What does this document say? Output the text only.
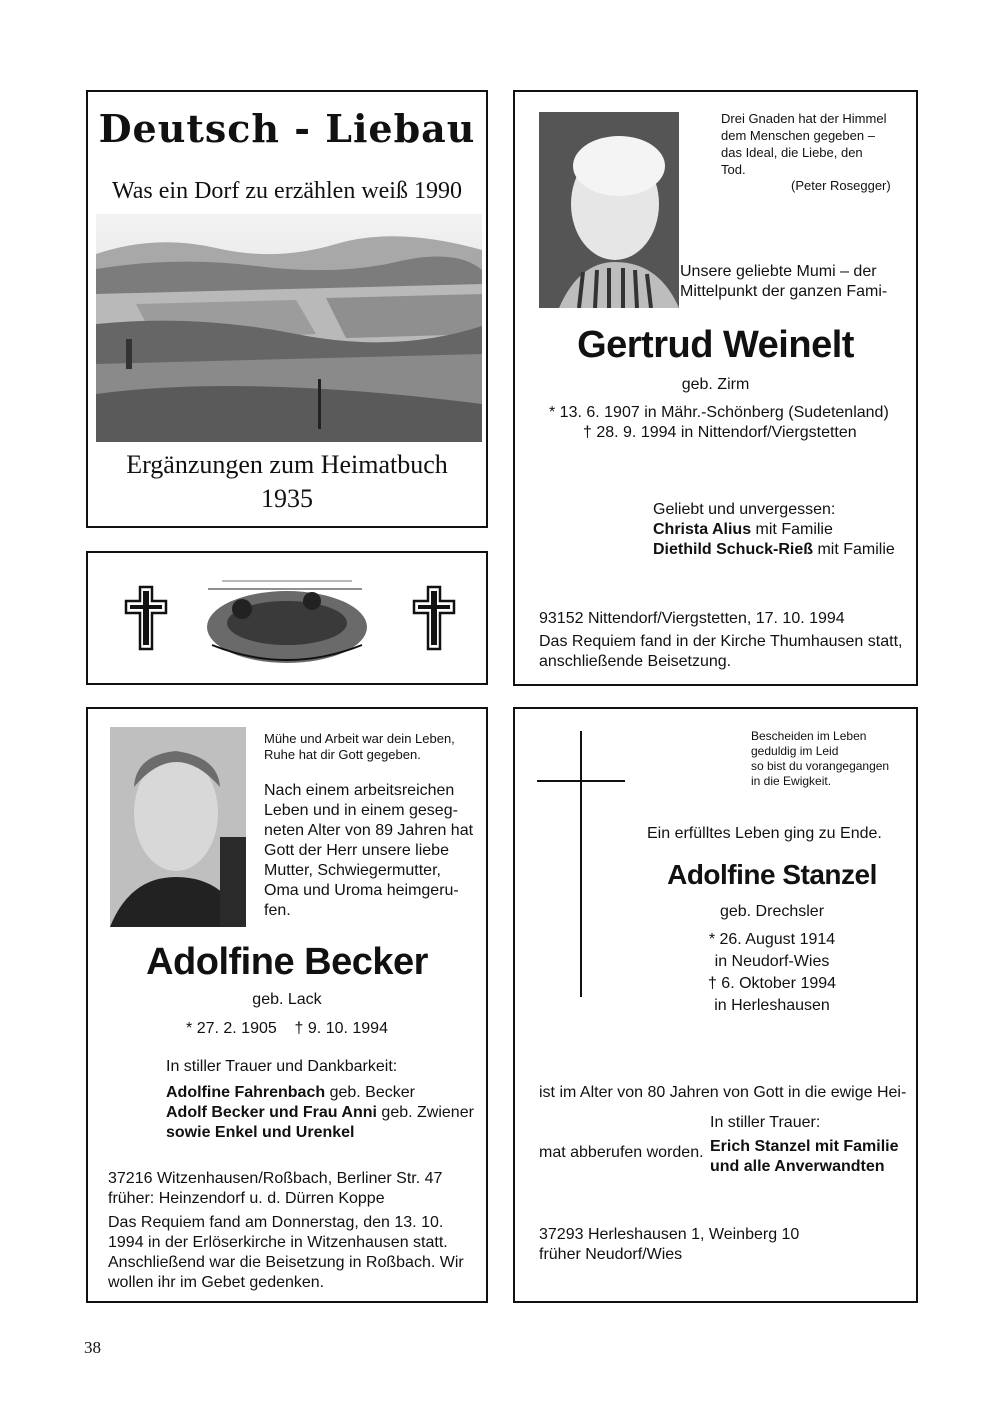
Deutsch - Liebau
Was ein Dorf zu erzählen weiß 1990
Ergänzungen zum Heimatbuch
1935
Drei Gnaden hat der Himmel
dem Menschen gegeben –
das Ideal, die Liebe, den
Tod.
(Peter Rosegger)
Unsere geliebte Mumi – der
Mittelpunkt der ganzen Fami-
Gertrud Weinelt
geb. Zirm
* 13. 6. 1907 in Mähr.-Schönberg (Sudetenland)
† 28. 9. 1994 in Nittendorf/Viergstetten
Geliebt und unvergessen:
Christa Alius mit Familie
Diethild Schuck-Rieß mit Familie
93152 Nittendorf/Viergstetten, 17. 10. 1994
Das Requiem fand in der Kirche Thumhausen statt,
anschließende Beisetzung.
Mühe und Arbeit war dein Leben,
Ruhe hat dir Gott gegeben.
Nach einem arbeitsreichen
Leben und in einem geseg-
neten Alter von 89 Jahren hat
Gott der Herr unsere liebe
Mutter, Schwiegermutter,
Oma und Uroma heimgeru-
fen.
Adolfine Becker
geb. Lack
* 27. 2. 1905    † 9. 10. 1994
In stiller Trauer und Dankbarkeit:
Adolfine Fahrenbach geb. Becker
Adolf Becker und Frau Anni geb. Zwiener
sowie Enkel und Urenkel
37216 Witzenhausen/Roßbach, Berliner Str. 47
früher: Heinzendorf u. d. Dürren Koppe
Das Requiem fand am Donnerstag, den 13. 10.
1994 in der Erlöserkirche in Witzenhausen statt.
Anschließend war die Beisetzung in Roßbach. Wir
wollen ihr im Gebet gedenken.
Bescheiden im Leben
geduldig im Leid
so bist du vorangegangen
in die Ewigkeit.
Ein erfülltes Leben ging zu Ende.
Adolfine Stanzel
geb. Drechsler
* 26. August 1914
in Neudorf-Wies
† 6. Oktober 1994
in Herleshausen

ist im Alter von 80 Jahren von Gott in die ewige Hei-

mat abberufen worden.

In stiller Trauer:
Erich Stanzel mit Familie
und alle Anverwandten
37293 Herleshausen 1, Weinberg 10
früher Neudorf/Wies
38
